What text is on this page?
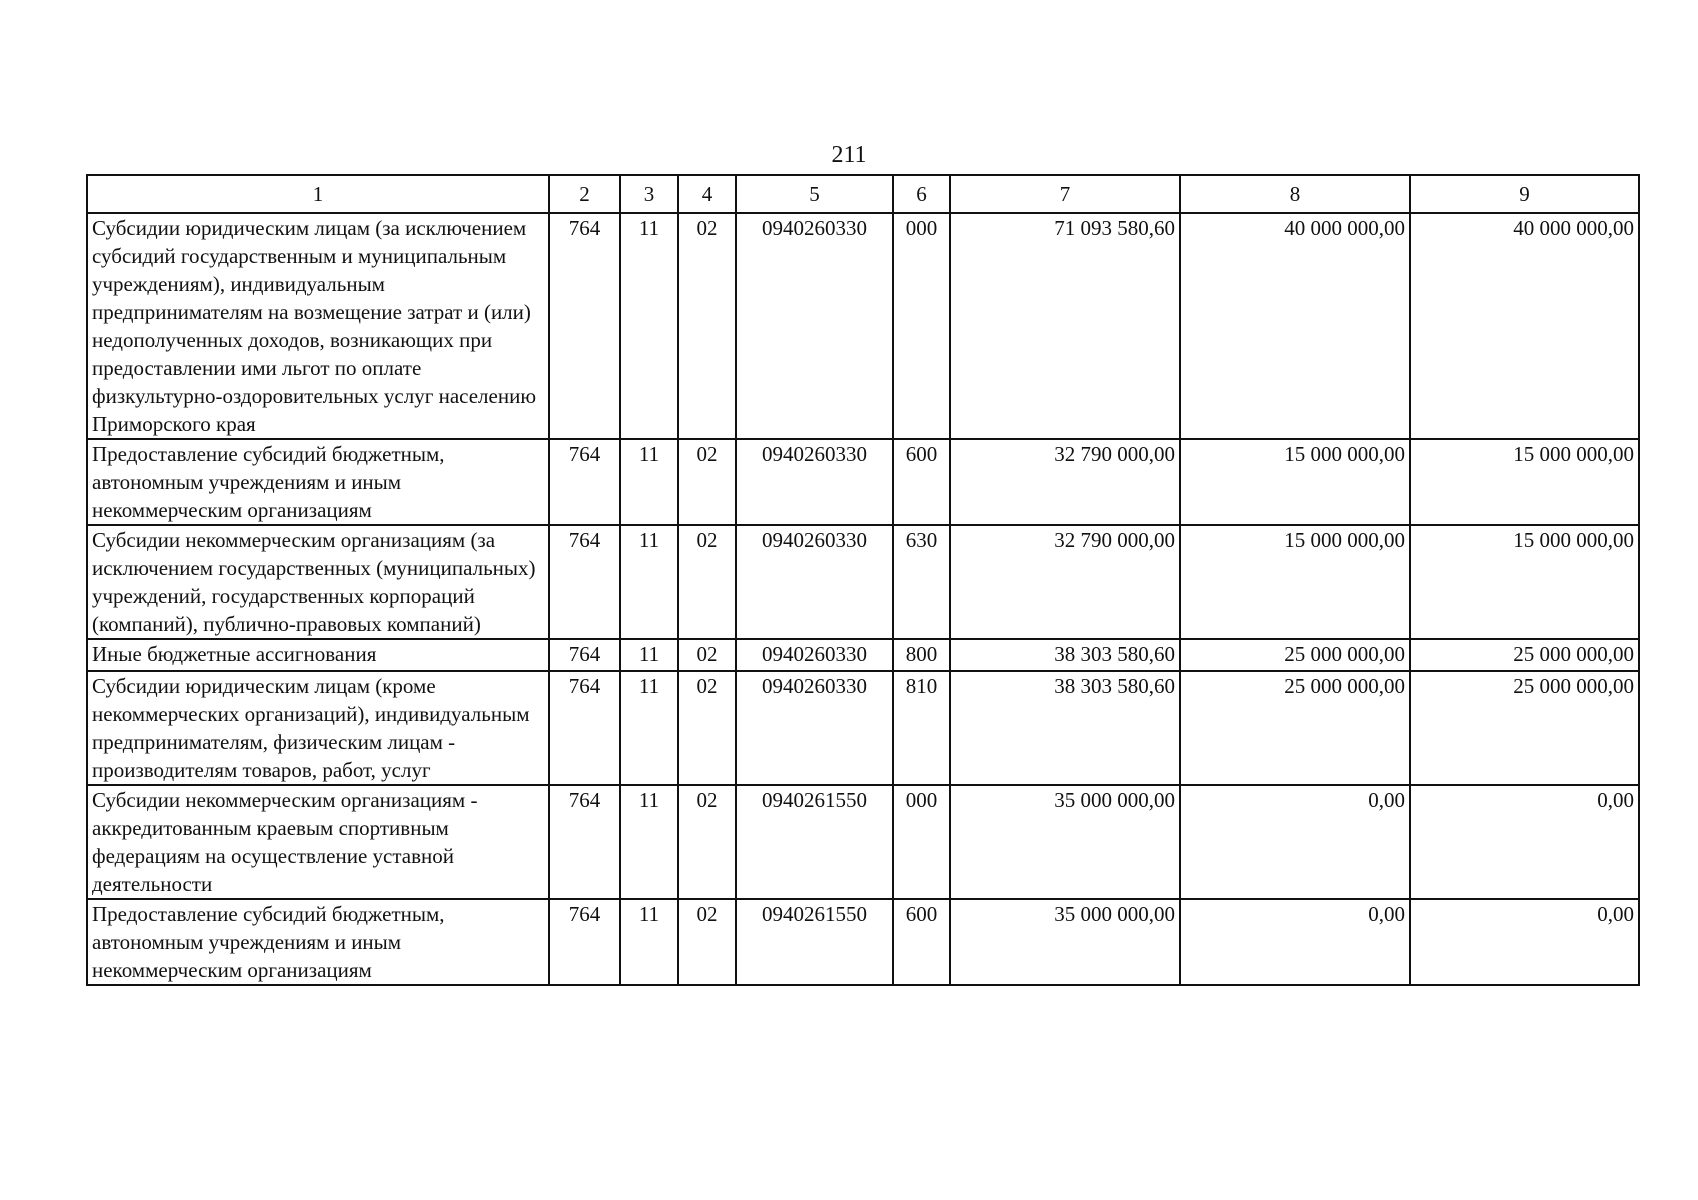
211
1	2	3	4	5	6	7	8	9
Субсидии юридическим лицам (за исключением субсидий государственным и муниципальным учреждениям), индивидуальным предпринимателям на возмещение затрат и (или) недополученных доходов, возникающих при предоставлении ими льгот по оплате физкультурно-оздоровительных услуг населению Приморского края	764	11	02	0940260330	000	71 093 580,60	40 000 000,00	40 000 000,00
Предоставление субсидий бюджетным, автономным учреждениям и иным некоммерческим организациям	764	11	02	0940260330	600	32 790 000,00	15 000 000,00	15 000 000,00
Субсидии некоммерческим организациям (за исключением государственных (муниципальных) учреждений, государственных корпораций (компаний), публично-правовых компаний)	764	11	02	0940260330	630	32 790 000,00	15 000 000,00	15 000 000,00
Иные бюджетные ассигнования	764	11	02	0940260330	800	38 303 580,60	25 000 000,00	25 000 000,00
Субсидии юридическим лицам (кроме некоммерческих организаций), индивидуальным предпринимателям, физическим лицам - производителям товаров, работ, услуг	764	11	02	0940260330	810	38 303 580,60	25 000 000,00	25 000 000,00
Субсидии некоммерческим организациям - аккредитованным краевым спортивным федерациям на осуществление уставной деятельности	764	11	02	0940261550	000	35 000 000,00	0,00	0,00
Предоставление субсидий бюджетным, автономным учреждениям и иным некоммерческим организациям	764	11	02	0940261550	600	35 000 000,00	0,00	0,00
